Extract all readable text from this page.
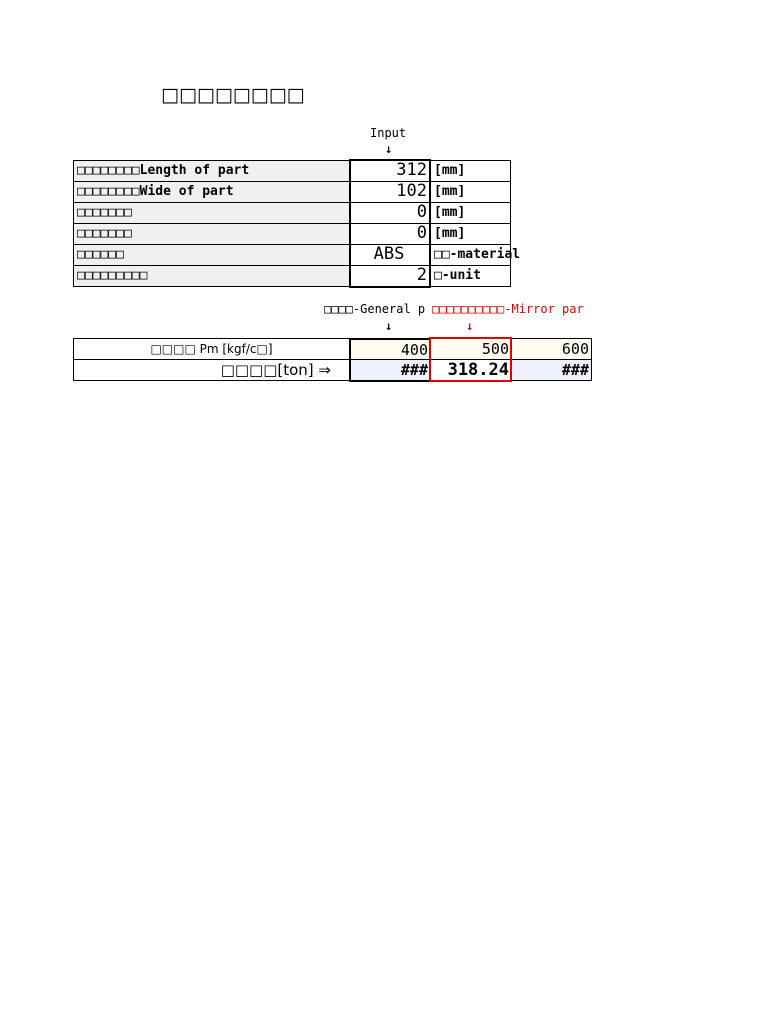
□□□□□□□□
Input
↓
□□□□□□□□Length of part	312 [mm]
□□□□□□□□Wide of part	102 [mm]
□□□□□□□	0 [mm]
□□□□□□□	0 [mm]
□□□□□□	ABS	□□-material
□□□□□□□□□	2 □-unit
□□□□-General p □□□□□□□□□□-Mirror par
↓	↓
□□□□ Pm [kgf/c□]	400	500	600
□□□□[ton] ⇒	###	318.24	###
